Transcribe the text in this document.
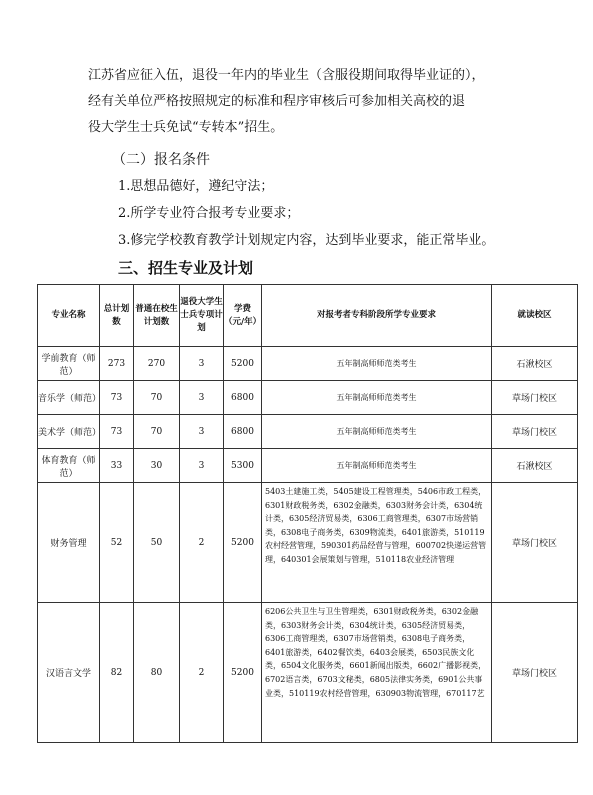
江苏省应征入伍，退役一年内的毕业生（含服役期间取得毕业证的），
经有关单位严格按照规定的标准和程序审核后可参加相关高校的退
役大学生士兵免试“专转本”招生。

（二）报名条件
1.思想品德好，遵纪守法；
2.所学专业符合报考专业要求；
3.修完学校教育教学计划规定内容，达到毕业要求，能正常毕业。
三、招生专业及计划
专业名称	总计划数	普通在校生计划数	退役大学生士兵专项计划	学费（元/年）	对报考者专科阶段所学专业要求	就读校区
学前教育（师范）	273	270	3	5200	五年制高师师范类考生	石湫校区
音乐学（师范）	73	70	3	6800	五年制高师师范类考生	草场门校区
美术学（师范）	73	70	3	6800	五年制高师师范类考生	草场门校区
体育教育（师范）	33	30	3	5300	五年制高师师范类考生	石湫校区
财务管理	52	50	2	5200	5403土建施工类，5405建设工程管理类，5406市政工程类，6301财政税务类，6302金融类，6303财务会计类，6304统计类，6305经济贸易类，6306工商管理类，6307市场营销类，6308电子商务类，6309物流类，6401旅游类，510119农村经营管理，590301药品经营与管理，600702快递运营管理，640301会展策划与管理，510118农业经济管理	草场门校区
汉语言文学	82	80	2	5200	6206公共卫生与卫生管理类，6301财政税务类，6302金融类，6303财务会计类，6304统计类，6305经济贸易类，6306工商管理类，6307市场营销类，6308电子商务类，6401旅游类，6402餐饮类，6403会展类，6503民族文化类，6504文化服务类，6601新闻出版类，6602广播影视类，6702语言类，6703文秘类，6805法律实务类，6901公共事业类，510119农村经营管理，630903物流管理，670117艺	草场门校区
